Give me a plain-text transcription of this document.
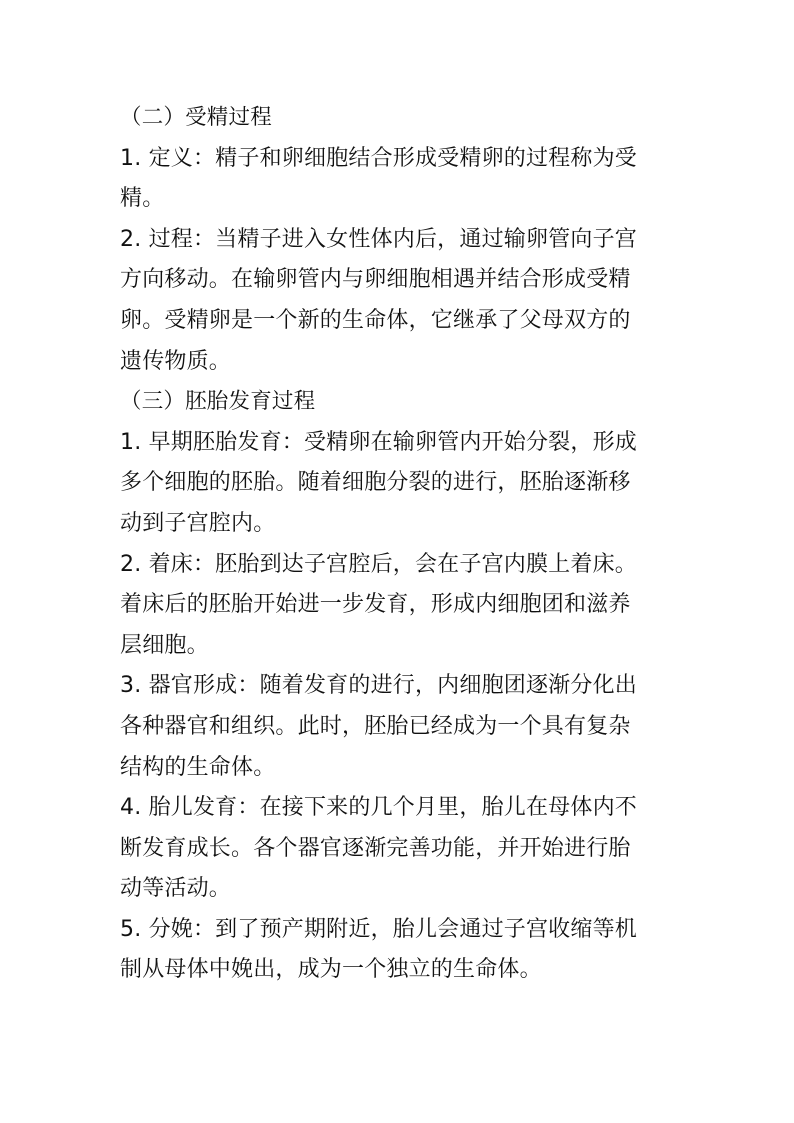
（二）受精过程
1. 定义：精子和卵细胞结合形成受精卵的过程称为受
精。
2. 过程：当精子进入女性体内后，通过输卵管向子宫
方向移动。在输卵管内与卵细胞相遇并结合形成受精
卵。受精卵是一个新的生命体，它继承了父母双方的
遗传物质。
（三）胚胎发育过程
1. 早期胚胎发育：受精卵在输卵管内开始分裂，形成
多个细胞的胚胎。随着细胞分裂的进行，胚胎逐渐移
动到子宫腔内。
2. 着床：胚胎到达子宫腔后，会在子宫内膜上着床。
着床后的胚胎开始进一步发育，形成内细胞团和滋养
层细胞。
3. 器官形成：随着发育的进行，内细胞团逐渐分化出
各种器官和组织。此时，胚胎已经成为一个具有复杂
结构的生命体。
4. 胎儿发育：在接下来的几个月里，胎儿在母体内不
断发育成长。各个器官逐渐完善功能，并开始进行胎
动等活动。
5. 分娩：到了预产期附近，胎儿会通过子宫收缩等机
制从母体中娩出，成为一个独立的生命体。
